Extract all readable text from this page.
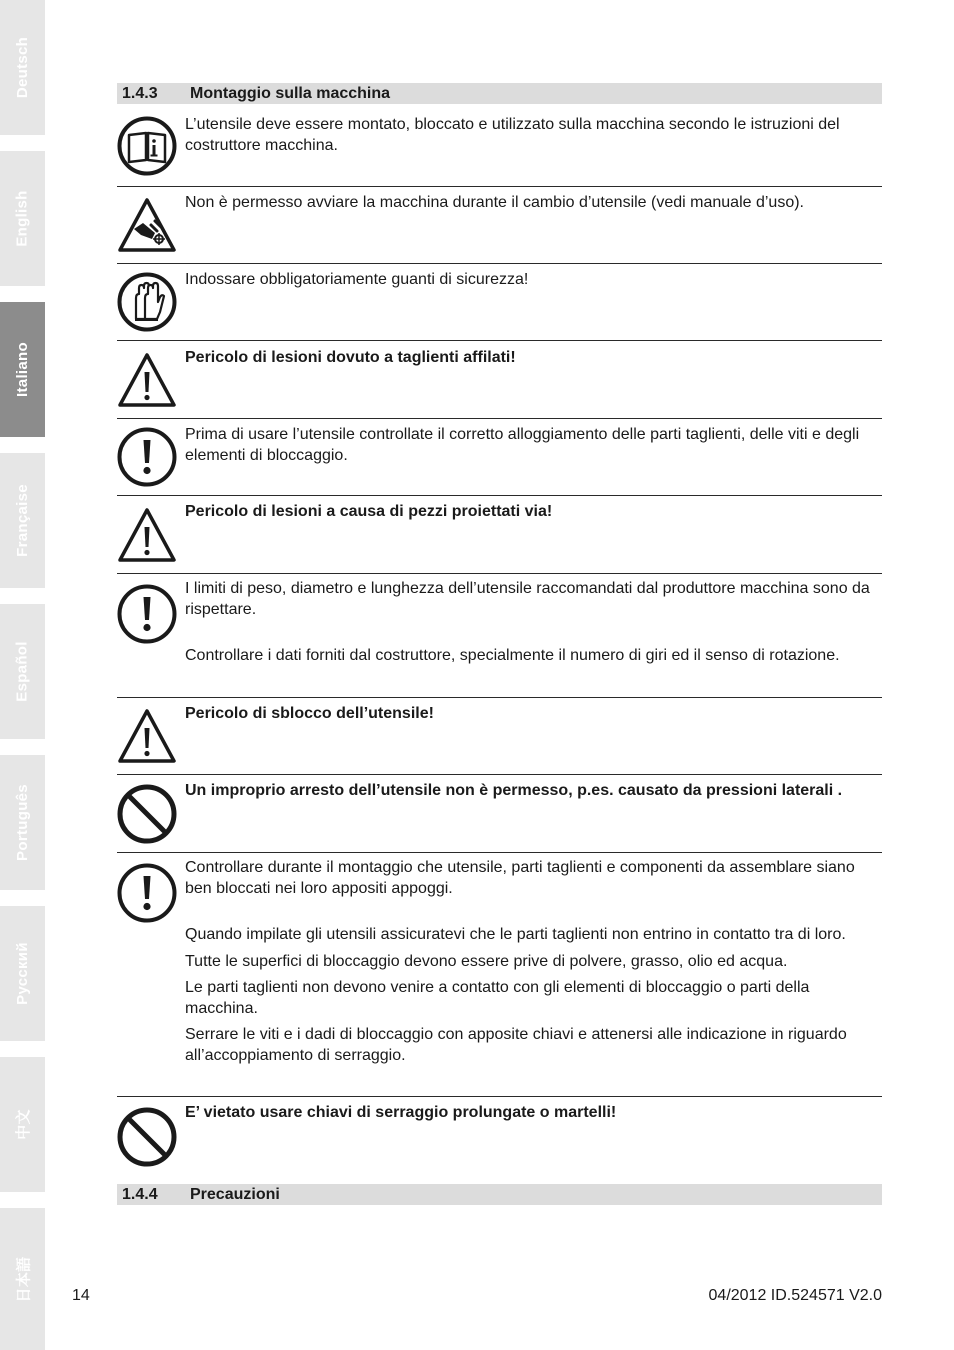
Deutsch
English
Italiano
Française
Español
Português
Русский
中文
日本語
1.4.3 Montaggio sulla macchina

L’utensile deve essere montato, bloccato e utilizzato sulla macchina secondo le istruzioni del costruttore macchina.

Non è permesso avviare la macchina durante il cambio d’utensile (vedi manuale d’uso).

Indossare obbligatoriamente guanti di sicurezza!

Pericolo di lesioni dovuto a taglienti affilati!

Prima di usare l’utensile controllate il corretto alloggiamento delle parti taglienti, delle viti e degli elementi di bloccaggio.

Pericolo di lesioni a causa di pezzi proiettati via!

I limiti di peso, diametro e lunghezza dell’utensile raccomandati dal produttore macchina sono da rispettare.

Controllare i dati forniti dal costruttore, specialmente il numero di giri ed il senso di rotazione.

Pericolo di sblocco dell’utensile!

Un improprio arresto dell’utensile non è permesso, p.es. causato da pressioni laterali .

Controllare durante il montaggio che utensile, parti taglienti e componenti da assemblare siano ben bloccati nei loro appositi appoggi.

Quando impilate gli utensili assicuratevi che le parti taglienti non entrino in contatto tra di loro.

Tutte le superfici di bloccaggio devono essere prive di polvere, grasso, olio ed acqua.

Le parti taglienti non devono venire a contatto con gli elementi di bloccaggio o parti della macchina.

Serrare le viti e i dadi di bloccaggio con apposite chiavi e attenersi alle indicazione in riguardo all’accoppiamento di serraggio.

E’ vietato usare chiavi di serraggio prolungate o martelli!

1.4.4 Precauzioni
14	04/2012 ID.524571 V2.0
